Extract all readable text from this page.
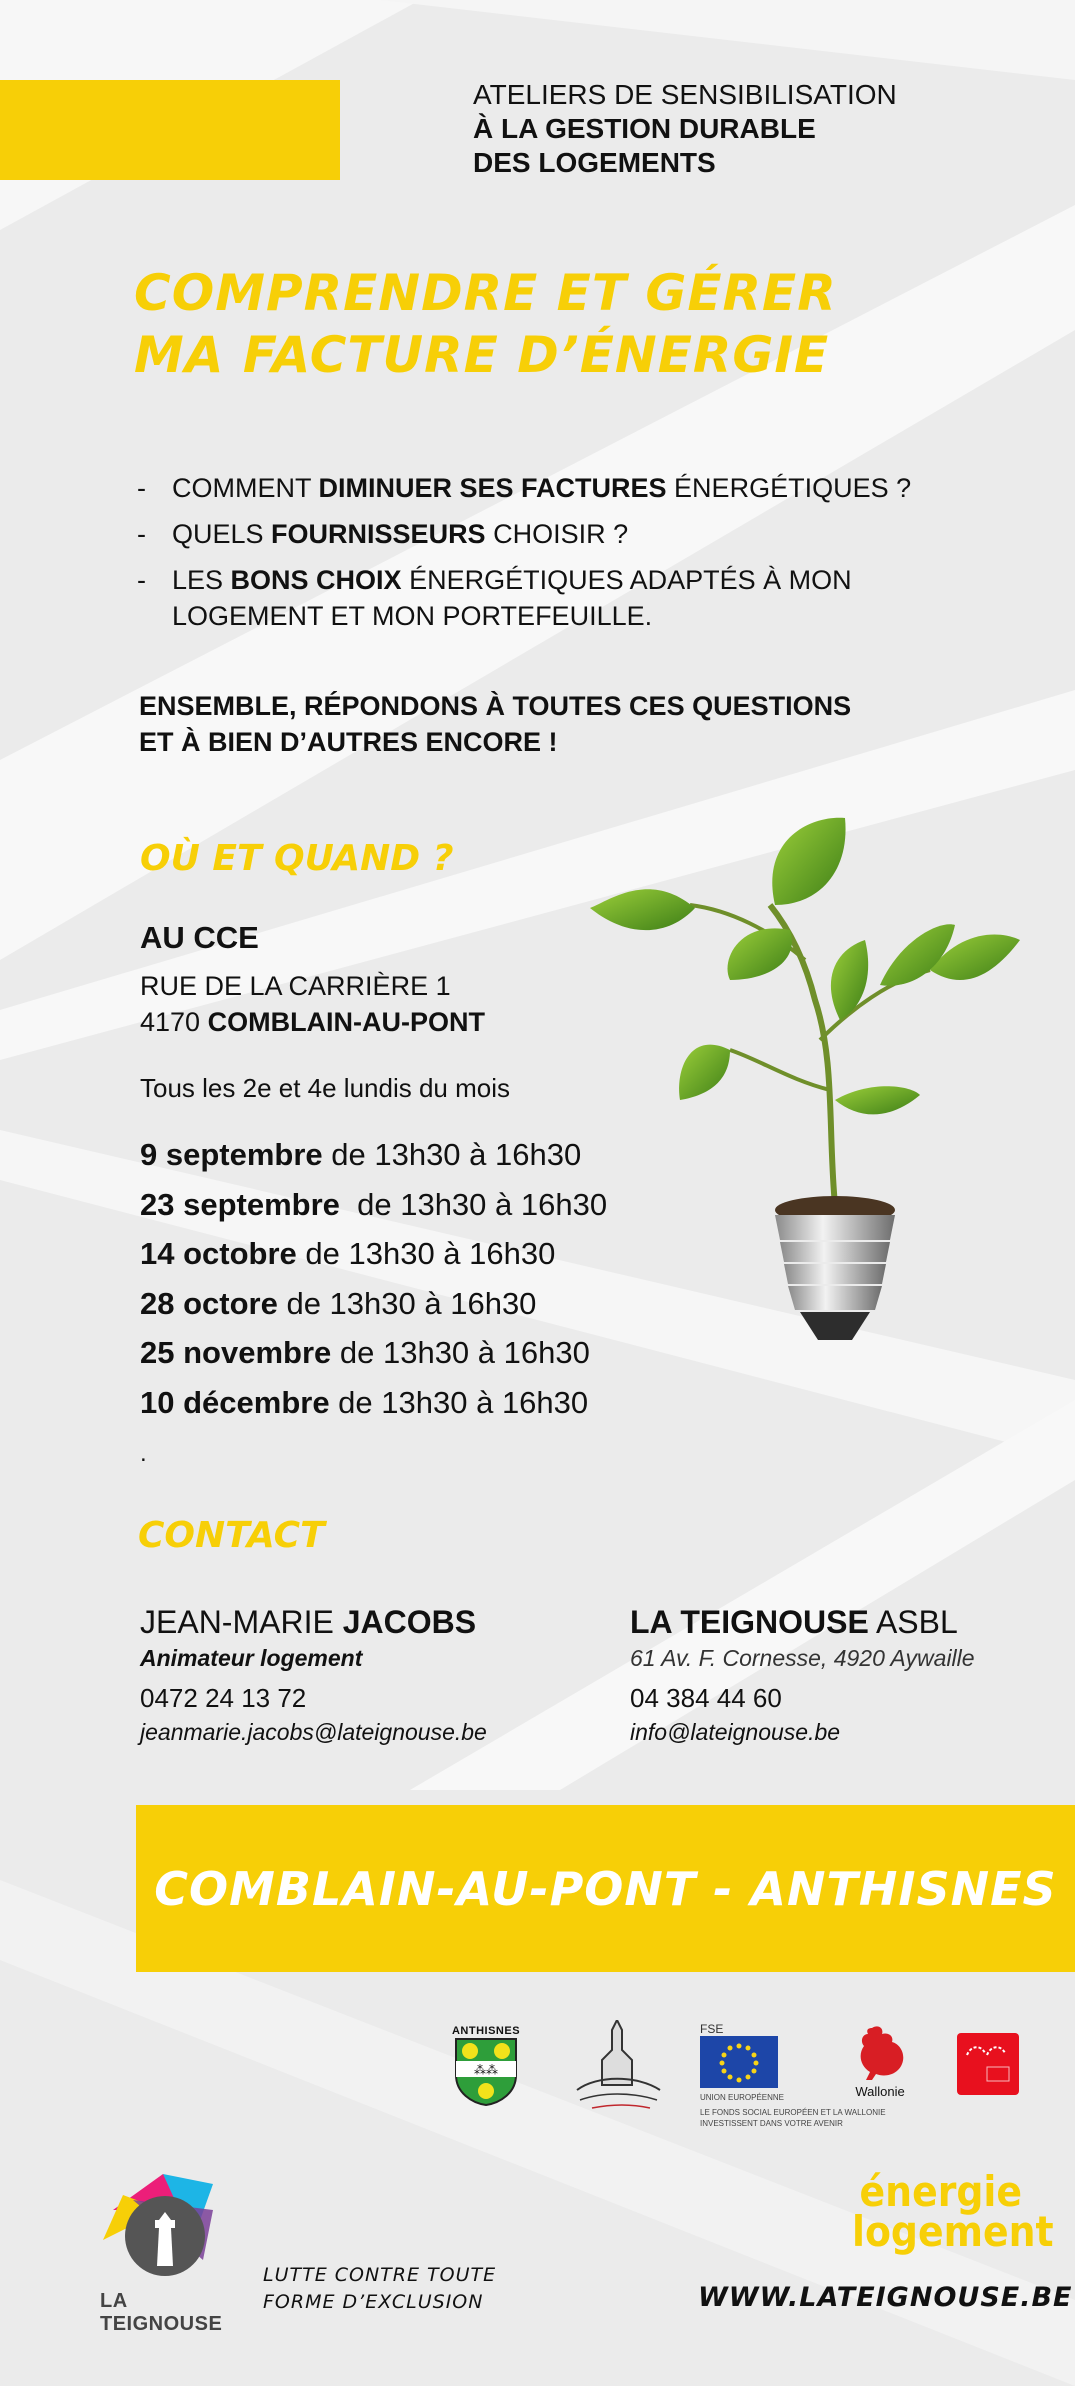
ATELIERS DE SENSIBILISATION
À LA GESTION DURABLE
DES LOGEMENTS
COMPRENDRE ET GÉRER
MA FACTURE D’ÉNERGIE
- COMMENT DIMINUER SES FACTURES ÉNERGÉTIQUES ?
- QUELS FOURNISSEURS CHOISIR ?
- LES BONS CHOIX ÉNERGÉTIQUES ADAPTÉS À MON LOGEMENT ET MON PORTEFEUILLE.
ENSEMBLE, RÉPONDONS À TOUTES CES QUESTIONS
ET À BIEN D’AUTRES ENCORE !
OÙ ET QUAND ?
AU CCE
RUE DE LA CARRIÈRE 1
4170 COMBLAIN-AU-PONT
Tous les 2e et 4e lundis du mois
9 septembre de 13h30 à 16h30
23 septembre  de 13h30 à 16h30
14 octobre de 13h30 à 16h30
28 octore de 13h30 à 16h30
25 novembre de 13h30 à 16h30
10 décembre de 13h30 à 16h30
.
CONTACT
JEAN-MARIE JACOBS
Animateur logement
0472 24 13 72
jeanmarie.jacobs@lateignouse.be
LA TEIGNOUSE ASBL
61 Av. F. Cornesse, 4920 Aywaille
04 384 44 60
info@lateignouse.be
COMBLAIN-AU-PONT - ANTHISNES
ANTHISNES
⁂⁂
FSE
UNION EUROPÉENNE
LE FONDS SOCIAL EUROPÉEN ET LA WALLONIE
INVESTISSENT DANS VOTRE AVENIR
Wallonie
LA TEIGNOUSE
LUTTE CONTRE TOUTE
FORME D’EXCLUSION
énergie
logement
WWW.LATEIGNOUSE.BE
